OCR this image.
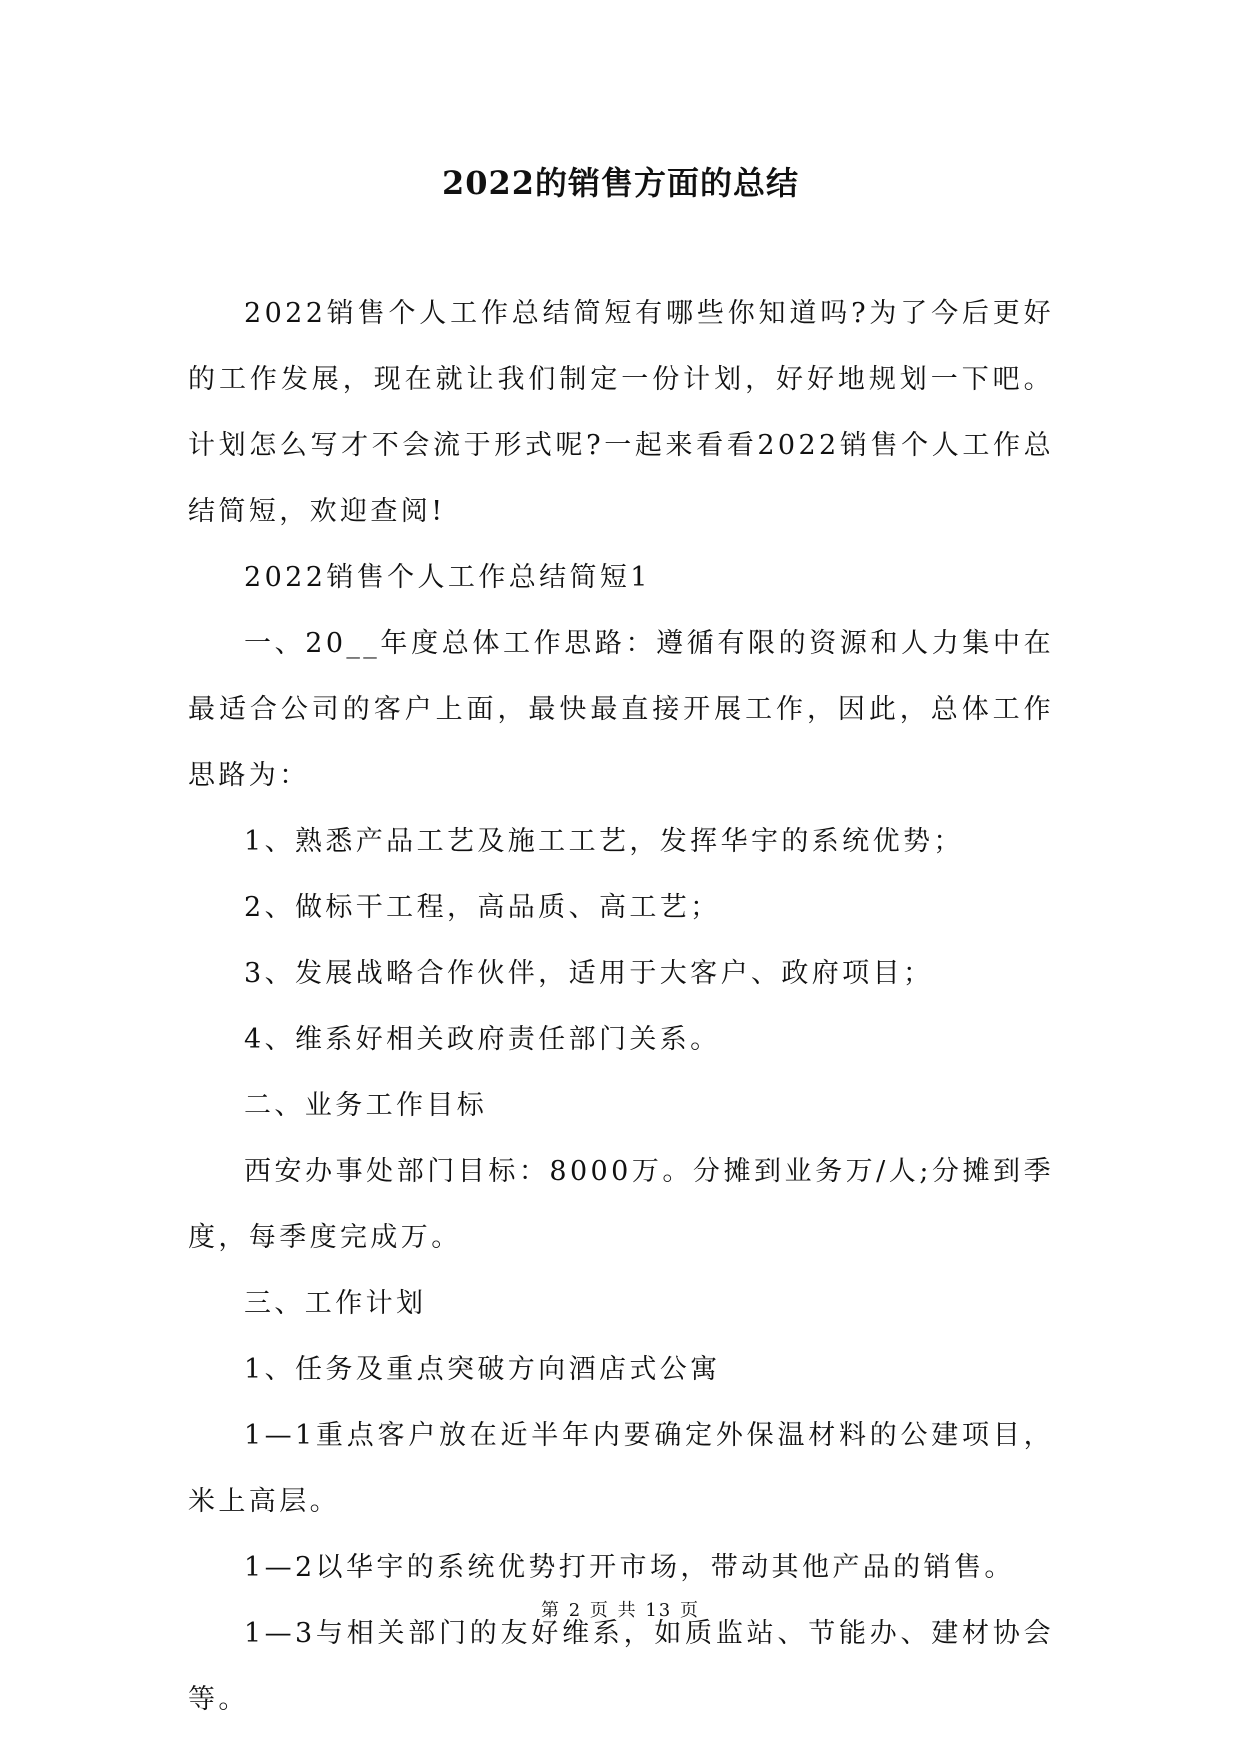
2022的销售方面的总结

2022销售个人工作总结简短有哪些你知道吗?为了今后更好的工作发展，现在就让我们制定一份计划，好好地规划一下吧。计划怎么写才不会流于形式呢?一起来看看2022销售个人工作总结简短，欢迎查阅!

2022销售个人工作总结简短1

一、20__年度总体工作思路：遵循有限的资源和人力集中在最适合公司的客户上面，最快最直接开展工作，因此，总体工作思路为：

1、熟悉产品工艺及施工工艺，发挥华宇的系统优势；

2、做标干工程，高品质、高工艺；

3、发展战略合作伙伴，适用于大客户、政府项目；

4、维系好相关政府责任部门关系。

二、业务工作目标

西安办事处部门目标：8000万。分摊到业务万/人;分摊到季度，每季度完成万。

三、工作计划

1、任务及重点突破方向酒店式公寓

1—1重点客户放在近半年内要确定外保温材料的公建项目，米上高层。

1—2以华宇的系统优势打开市场，带动其他产品的销售。

1—3与相关部门的友好维系，如质监站、节能办、建材协会等。

第 2 页 共 13 页
